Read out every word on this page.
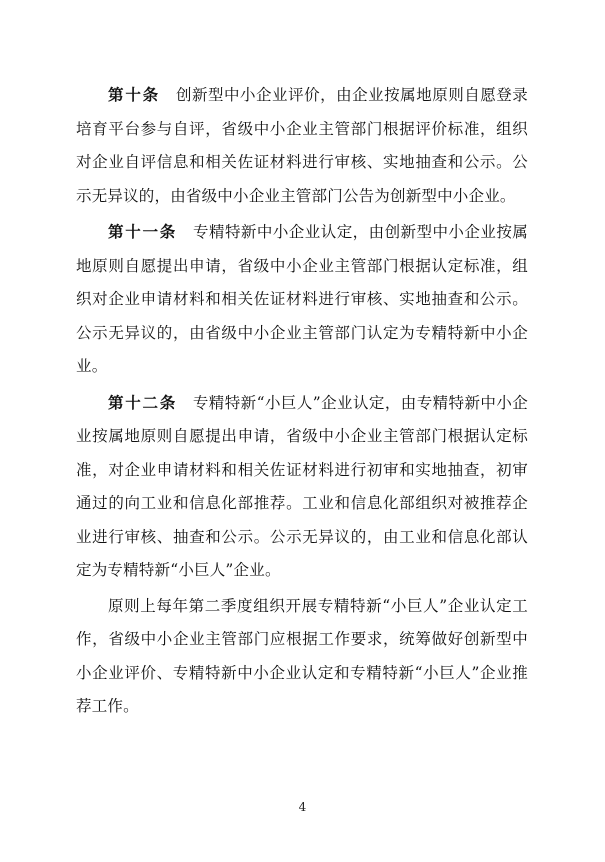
第十条　创新型中小企业评价，由企业按属地原则自愿登录培育平台参与自评，省级中小企业主管部门根据评价标准，组织对企业自评信息和相关佐证材料进行审核、实地抽查和公示。公示无异议的，由省级中小企业主管部门公告为创新型中小企业。

第十一条　专精特新中小企业认定，由创新型中小企业按属地原则自愿提出申请，省级中小企业主管部门根据认定标准，组织对企业申请材料和相关佐证材料进行审核、实地抽查和公示。公示无异议的，由省级中小企业主管部门认定为专精特新中小企业。

第十二条　专精特新“小巨人”企业认定，由专精特新中小企业按属地原则自愿提出申请，省级中小企业主管部门根据认定标准，对企业申请材料和相关佐证材料进行初审和实地抽查，初审通过的向工业和信息化部推荐。工业和信息化部组织对被推荐企业进行审核、抽查和公示。公示无异议的，由工业和信息化部认定为专精特新“小巨人”企业。

原则上每年第二季度组织开展专精特新“小巨人”企业认定工作，省级中小企业主管部门应根据工作要求，统筹做好创新型中小企业评价、专精特新中小企业认定和专精特新“小巨人”企业推荐工作。

4
